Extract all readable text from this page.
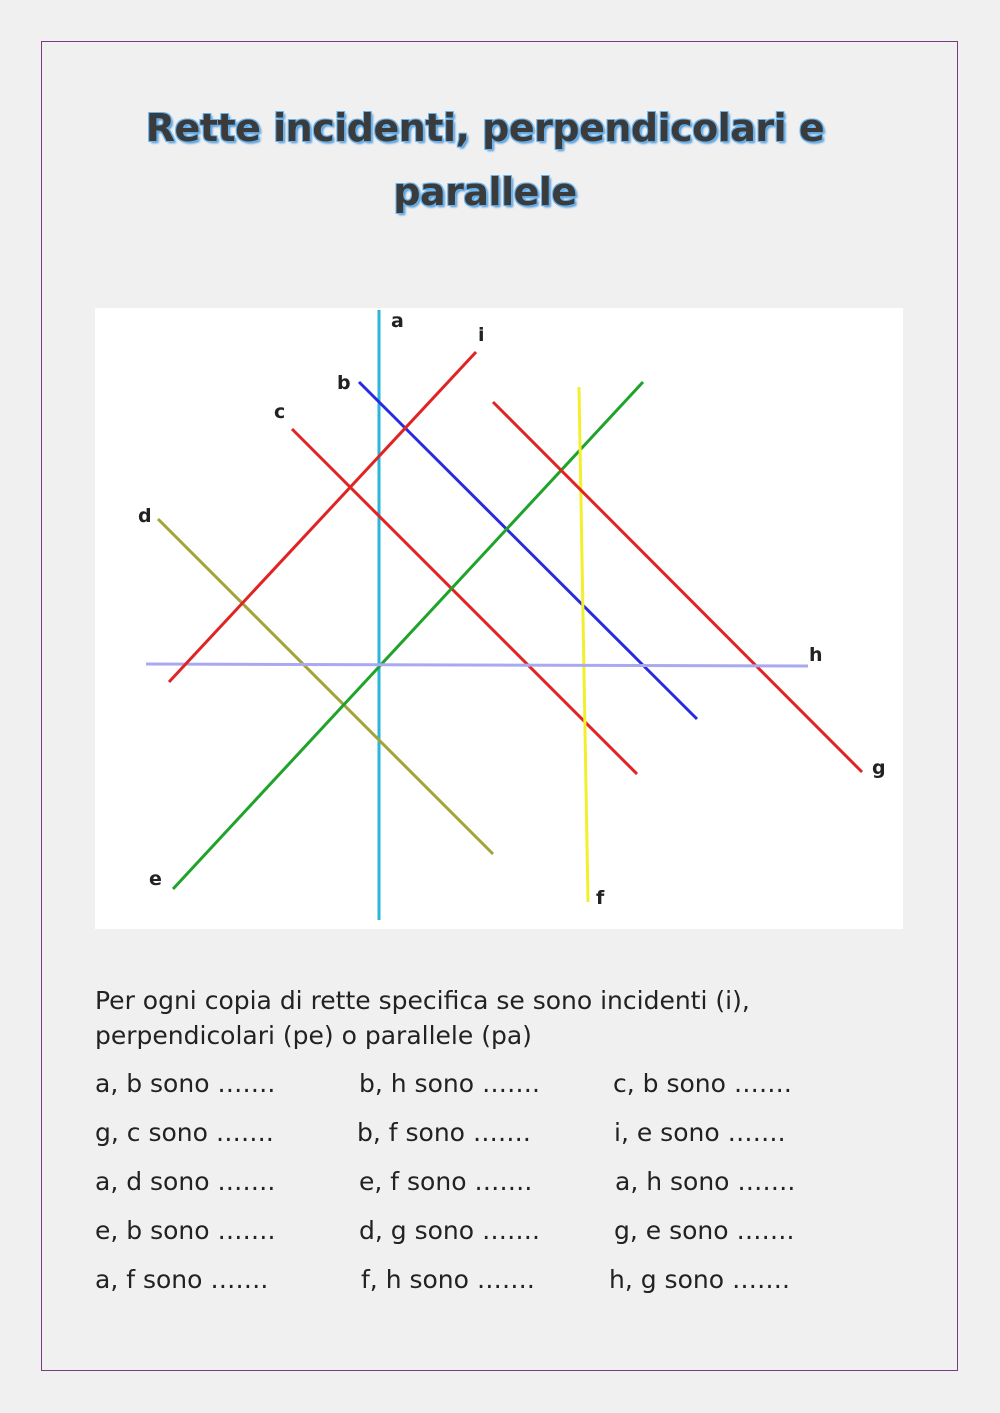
Rette incidenti, perpendicolari e parallele
a
b
c
d
e
f
g
h
i
Per ogni copia di rette specifica se sono incidenti (i), perpendicolari (pe) o parallele (pa)
a, b sono …….	b, h sono …….	c, b sono …….
g, c sono …….	b, f sono …….	i, e sono …….
a, d sono …….	e, f sono …….	a, h sono …….
e, b sono …….	d, g sono …….	g, e sono …….
a, f sono …….	f, h sono …….	h, g sono …….
